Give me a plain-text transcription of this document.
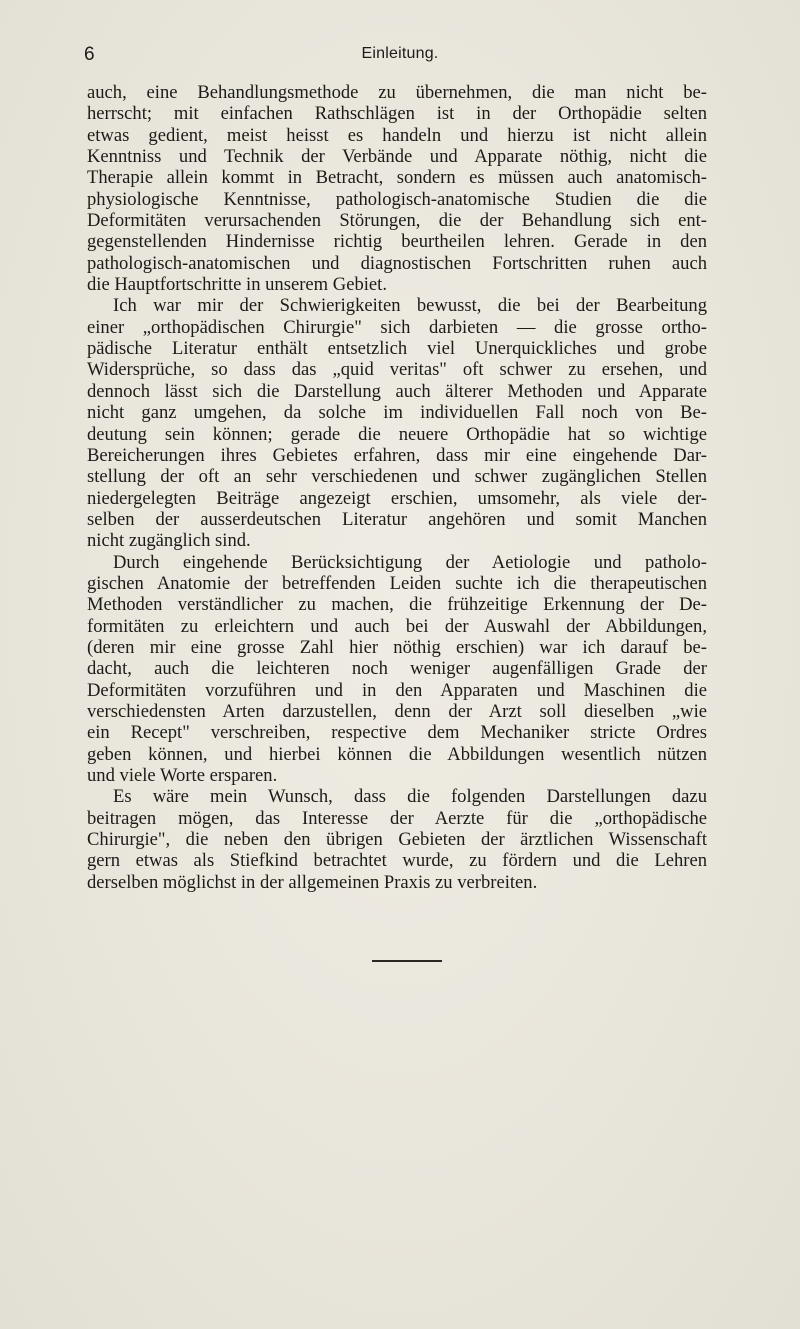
6	Einleitung.

auch, eine Behandlungsmethode zu übernehmen, die man nicht be-
herrscht; mit einfachen Rathschlägen ist in der Orthopädie selten
etwas gedient, meist heisst es handeln und hierzu ist nicht allein
Kenntniss und Technik der Verbände und Apparate nöthig, nicht die
Therapie allein kommt in Betracht, sondern es müssen auch anatomisch-
physiologische Kenntnisse, pathologisch-anatomische Studien die die
Deformitäten verursachenden Störungen, die der Behandlung sich ent-
gegenstellenden Hindernisse richtig beurtheilen lehren. Gerade in den
pathologisch-anatomischen und diagnostischen Fortschritten ruhen auch
die Hauptfortschritte in unserem Gebiet.

Ich war mir der Schwierigkeiten bewusst, die bei der Bearbeitung
einer „orthopädischen Chirurgie" sich darbieten — die grosse ortho-
pädische Literatur enthält entsetzlich viel Unerquickliches und grobe
Widersprüche, so dass das „quid veritas" oft schwer zu ersehen, und
dennoch lässt sich die Darstellung auch älterer Methoden und Apparate
nicht ganz umgehen, da solche im individuellen Fall noch von Be-
deutung sein können; gerade die neuere Orthopädie hat so wichtige
Bereicherungen ihres Gebietes erfahren, dass mir eine eingehende Dar-
stellung der oft an sehr verschiedenen und schwer zugänglichen Stellen
niedergelegten Beiträge angezeigt erschien, umsomehr, als viele der-
selben der ausserdeutschen Literatur angehören und somit Manchen
nicht zugänglich sind.

Durch eingehende Berücksichtigung der Aetiologie und patholo-
gischen Anatomie der betreffenden Leiden suchte ich die therapeutischen
Methoden verständlicher zu machen, die frühzeitige Erkennung der De-
formitäten zu erleichtern und auch bei der Auswahl der Abbildungen,
(deren mir eine grosse Zahl hier nöthig erschien) war ich darauf be-
dacht, auch die leichteren noch weniger augenfälligen Grade der
Deformitäten vorzuführen und in den Apparaten und Maschinen die
verschiedensten Arten darzustellen, denn der Arzt soll dieselben „wie
ein Recept" verschreiben, respective dem Mechaniker stricte Ordres
geben können, und hierbei können die Abbildungen wesentlich nützen
und viele Worte ersparen.

Es wäre mein Wunsch, dass die folgenden Darstellungen dazu
beitragen mögen, das Interesse der Aerzte für die „orthopädische
Chirurgie", die neben den übrigen Gebieten der ärztlichen Wissenschaft
gern etwas als Stiefkind betrachtet wurde, zu fördern und die Lehren
derselben möglichst in der allgemeinen Praxis zu verbreiten.
